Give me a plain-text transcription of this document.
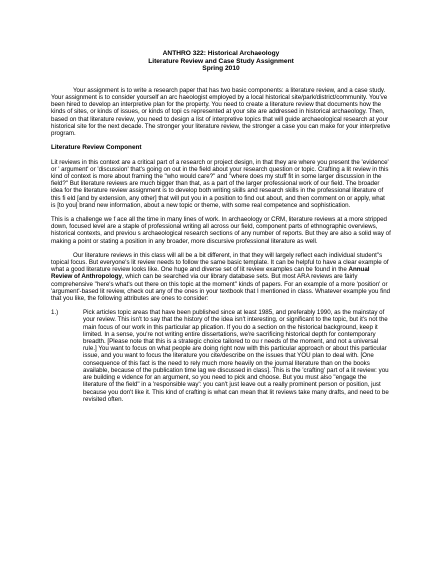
ANTHRO 322: Historical Archaeology
Literature Review and Case Study Assignment
Spring 2010

Your assignment is to write a research paper that has two basic components: a literature review, and a case study. Your assignment is to consider yourself an arc haeologist employed by a local historical site/park/district/community. You've been hired to develop an interpretive plan for the property. You need to create a literature review that documents how the kinds of sites, or kinds of issues, or kinds of topi cs represented at your site are addressed in historical archaeology. Then, based on that literature review, you need to design a list of interpretive topics that will guide archaeological research at your historical site for the next decade. The stronger your literature review, the stronger a case you can make for your interpretive program.

Literature Review Component

Lit reviews in this context are a critical part of a research or project design, in that they are where you present the 'evidence' or ' argument' or 'discussion' that's going on out in the field about your research question or topic. Crafting a lit review in this kind of context is more about framing the "who would care?" and "where does my stuff fit in some larger discussion in the field?" But literature reviews are much bigger than that, as a part of the larger professional work of our field. The broader idea for the literature review assignment is to develop both writing skills and research skills in the professional literature of this fi eld [and by extension, any other] that will put you in a position to find out about, and then comment on or apply, what is [to you] brand new information, about a new topic or theme, with some real competence and sophistication.

This is a challenge we f ace all the time in many lines of work. In archaeology or CRM, literature reviews at a more stripped down, focused level are a staple of professional writing all across our field, component parts of ethnographic overviews, historical contexts, and previou s archaeological research sections of any number of reports. But they are also a solid way of making a point or stating a position in any broader, more discursive professional literature as well.

Our literature reviews in this class will all be a bit different, in that they will largely reflect each individual student"s topical focus. But everyone's lit review needs to follow the same basic template. It can be helpful to have a clear example of what a good literature review looks like. One huge and diverse set of lit review examples can be found in the Annual Review of Anthropology, which can be searched via our library database sets. But most ARA reviews are fairly comprehensive "here's what's out there on this topic at the moment" kinds of papers. For an example of a more 'position' or 'argument'-based lit review, check out any of the ones in your textbook that I mentioned in class. Whatever example you find that you like, the following attributes are ones to consider:

1.)	Pick articles topic areas that have been published since at least 1985, and preferably 1990, as the mainstay of your review. This isn't to say that the history of the idea isn't interesting, or significant to the topic, but it's not the main focus of our work in this particular ap plication. If you do a section on the historical background, keep it limited. In a sense, you're not writing entire dissertations, we're sacrificing historical depth for contemporary breadth. [Please note that this is a strategic choice tailored to ou r needs of the moment, and not a universal rule.] You want to focus on what people are doing right now with this particular approach or about this particular issue, and you want to focus the literature you cite/describe on the issues that YOU plan to deal with. [One consequence of this fact is the need to rely much more heavily on the journal literature than on the books available, because of the publication time lag we discussed in class]. This is the 'crafting' part of a lit review: you are building e vidence for an argument, so you need to pick and choose. But you must also "engage the literature of the field" in a 'responsible way': you can't just leave out a really prominent person or position, just because you don't like it. This kind of crafting is what can mean that lit reviews take many drafts, and need to be revisited often.
